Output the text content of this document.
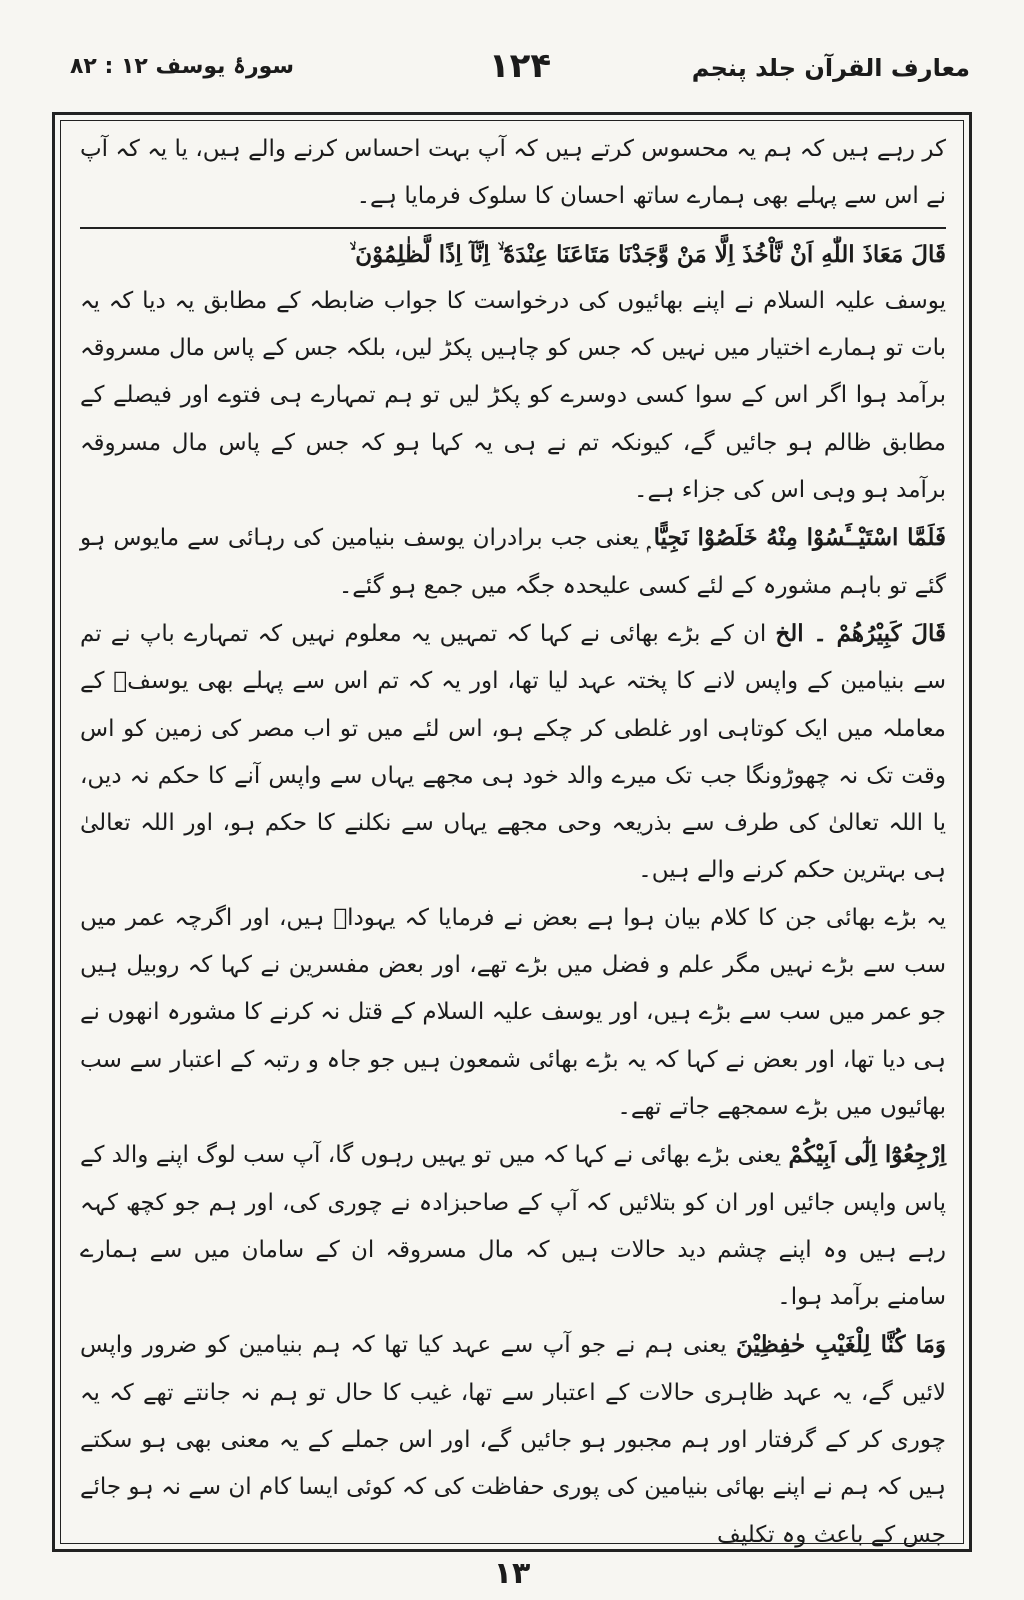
معارف القرآن جلد پنجم
۱۲۴
سورۂ یوسف ۱۲ : ۸۲

کر رہے ہیں کہ ہم یہ محسوس کرتے ہیں کہ آپ بہت احساس کرنے والے ہیں، یا یہ کہ آپ نے اس سے پہلے بھی ہمارے ساتھ احسان کا سلوک فرمایا ہے۔

قَالَ مَعَاذَ اللّٰهِ اَنْ نَّاْخُذَ اِلَّا مَنْ وَّجَدْنَا مَتَاعَنَا عِنْدَهٗٓ ۙ اِنَّآ اِذًا لَّظٰلِمُوْنَ ۙ

یوسف علیہ السلام نے اپنے بھائیوں کی درخواست کا جواب ضابطہ کے مطابق یہ دیا کہ یہ بات تو ہمارے اختیار میں نہیں کہ جس کو چاہیں پکڑ لیں، بلکہ جس کے پاس مال مسروقہ برآمد ہوا اگر اس کے سوا کسی دوسرے کو پکڑ لیں تو ہم تمہارے ہی فتوے اور فیصلے کے مطابق ظالم ہو جائیں گے، کیونکہ تم نے ہی یہ کہا ہو کہ جس کے پاس مال مسروقہ برآمد ہو وہی اس کی جزاء ہے۔

فَلَمَّا اسْتَيْــَٔسُوْا مِنْهُ خَلَصُوْا نَجِيًّا ۭ یعنی جب برادران یوسف بنیامین کی رہائی سے مایوس ہو گئے تو باہم مشورہ کے لئے کسی علیحدہ جگہ میں جمع ہو گئے۔

قَالَ كَبِيْرُهُمْ ۔ الخ ان کے بڑے بھائی نے کہا کہ تمہیں یہ معلوم نہیں کہ تمہارے باپ نے تم سے بنیامین کے واپس لانے کا پختہ عہد لیا تھا، اور یہ کہ تم اس سے پہلے بھی یوسفؑ کے معاملہ میں ایک کوتاہی اور غلطی کر چکے ہو، اس لئے میں تو اب مصر کی زمین کو اس وقت تک نہ چھوڑونگا جب تک میرے والد خود ہی مجھے یہاں سے واپس آنے کا حکم نہ دیں، یا اللہ تعالیٰ کی طرف سے بذریعہ وحی مجھے یہاں سے نکلنے کا حکم ہو، اور اللہ تعالیٰ ہی بہترین حکم کرنے والے ہیں۔

یہ بڑے بھائی جن کا کلام بیان ہوا ہے بعض نے فرمایا کہ یہوداؔ ہیں، اور اگرچہ عمر میں سب سے بڑے نہیں مگر علم و فضل میں بڑے تھے، اور بعض مفسرین نے کہا کہ روبیل ہیں جو عمر میں سب سے بڑے ہیں، اور یوسف علیہ السلام کے قتل نہ کرنے کا مشورہ انھوں نے ہی دیا تھا، اور بعض نے کہا کہ یہ بڑے بھائی شمعون ہیں جو جاہ و رتبہ کے اعتبار سے سب بھائیوں میں بڑے سمجھے جاتے تھے۔

اِرْجِعُوْٓا اِلٰٓى اَبِيْكُمْ یعنی بڑے بھائی نے کہا کہ میں تو یہیں رہوں گا، آپ سب لوگ اپنے والد کے پاس واپس جائیں اور ان کو بتلائیں کہ آپ کے صاحبزادہ نے چوری کی، اور ہم جو کچھ کہہ رہے ہیں وہ اپنے چشم دید حالات ہیں کہ مال مسروقہ ان کے سامان میں سے ہمارے سامنے برآمد ہوا۔

وَمَا كُنَّا لِلْغَيْبِ حٰفِظِيْنَ یعنی ہم نے جو آپ سے عہد کیا تھا کہ ہم بنیامین کو ضرور واپس لائیں گے، یہ عہد ظاہری حالات کے اعتبار سے تھا، غیب کا حال تو ہم نہ جانتے تھے کہ یہ چوری کر کے گرفتار اور ہم مجبور ہو جائیں گے، اور اس جملے کے یہ معنی بھی ہو سکتے ہیں کہ ہم نے اپنے بھائی بنیامین کی پوری حفاظت کی کہ کوئی ایسا کام ان سے نہ ہو جائے جس کے باعث وہ تکلیف

۱۳
